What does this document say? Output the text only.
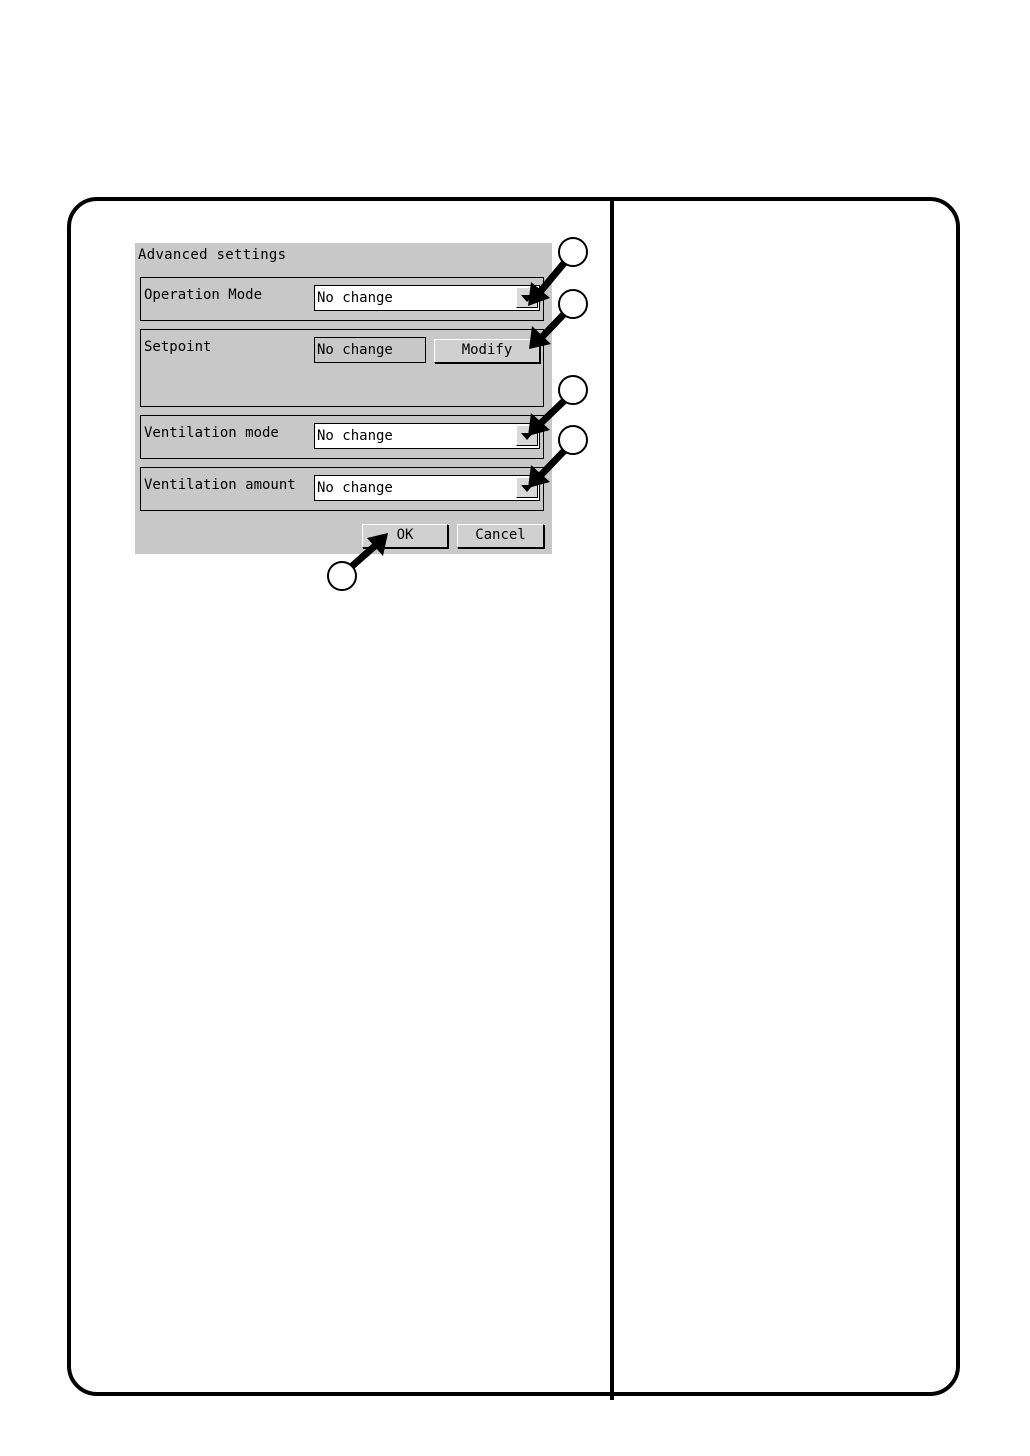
Advanced settings
Operation Mode	No change
Setpoint	No change	Modify
Ventilation mode	No change
Ventilation amount No change
OK	Cancel
